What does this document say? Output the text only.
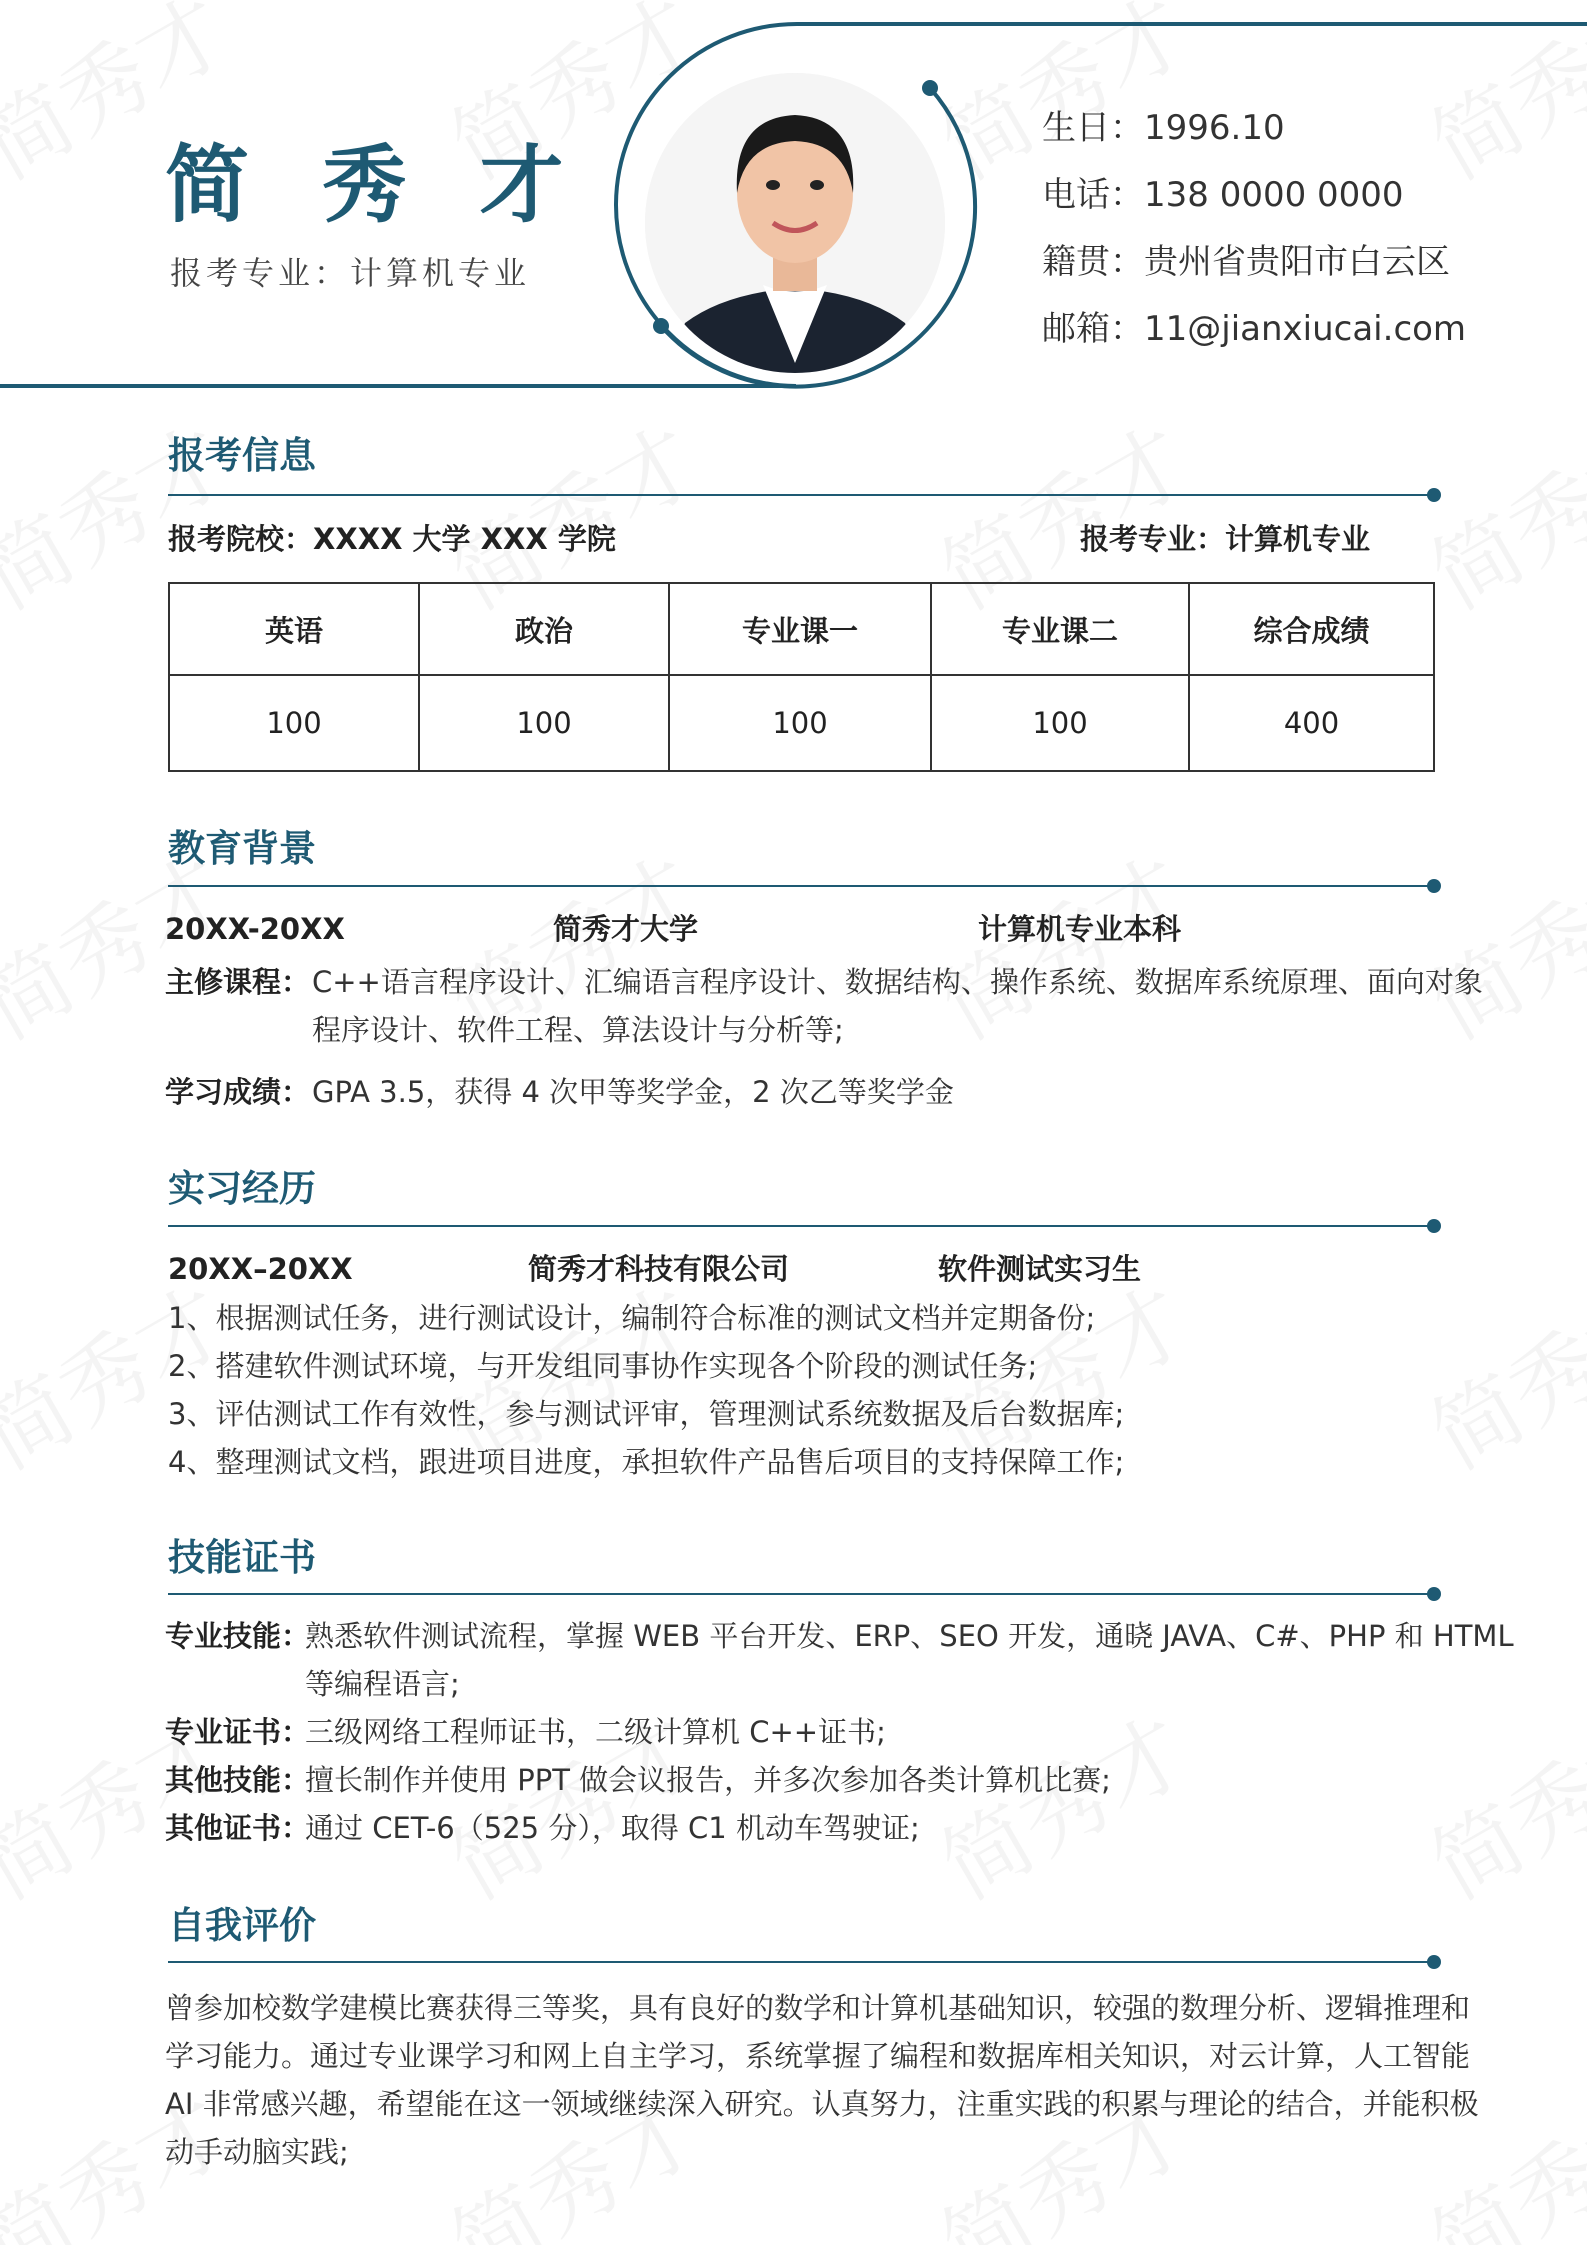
简 秀 才
报考专业：计算机专业
生日：1996.10
电话：138 0000 0000
籍贯：贵州省贵阳市白云区
邮箱：11@jianxiucai.com
报考信息
报考院校：XXXX 大学 XXX 学院	报考专业：计算机专业
英语	政治	专业课一	专业课二	综合成绩
100	100	100	100	400
教育背景
20XX-20XX	简秀才大学	计算机专业本科
主修课程： C++语言程序设计、汇编语言程序设计、数据结构、操作系统、数据库系统原理、面向对象
程序设计、软件工程、算法设计与分析等;
学习成绩： GPA 3.5，获得 4 次甲等奖学金，2 次乙等奖学金
实习经历
20XX–20XX	简秀才科技有限公司	软件测试实习生
1、根据测试任务，进行测试设计，编制符合标准的测试文档并定期备份;
2、搭建软件测试环境，与开发组同事协作实现各个阶段的测试任务;
3、评估测试工作有效性，参与测试评审，管理测试系统数据及后台数据库;
4、整理测试文档，跟进项目进度，承担软件产品售后项目的支持保障工作;
技能证书
专业技能：
熟悉软件测试流程，掌握 WEB 平台开发、ERP、SEO 开发，通晓 JAVA、C#、PHP 和 HTML
等编程语言;
专业证书：
三级网络工程师证书，二级计算机 C++证书;
其他技能：
擅长制作并使用 PPT 做会议报告，并多次参加各类计算机比赛;
其他证书：
通过 CET-6（525 分），取得 C1 机动车驾驶证;
自我评价
曾参加校数学建模比赛获得三等奖，具有良好的数学和计算机基础知识，较强的数理分析、逻辑推理和
学习能力。通过专业课学习和网上自主学习，系统掌握了编程和数据库相关知识，对云计算，人工智能
AI 非常感兴趣，希望能在这一领域继续深入研究。认真努力，注重实践的积累与理论的结合，并能积极
动手动脑实践;
